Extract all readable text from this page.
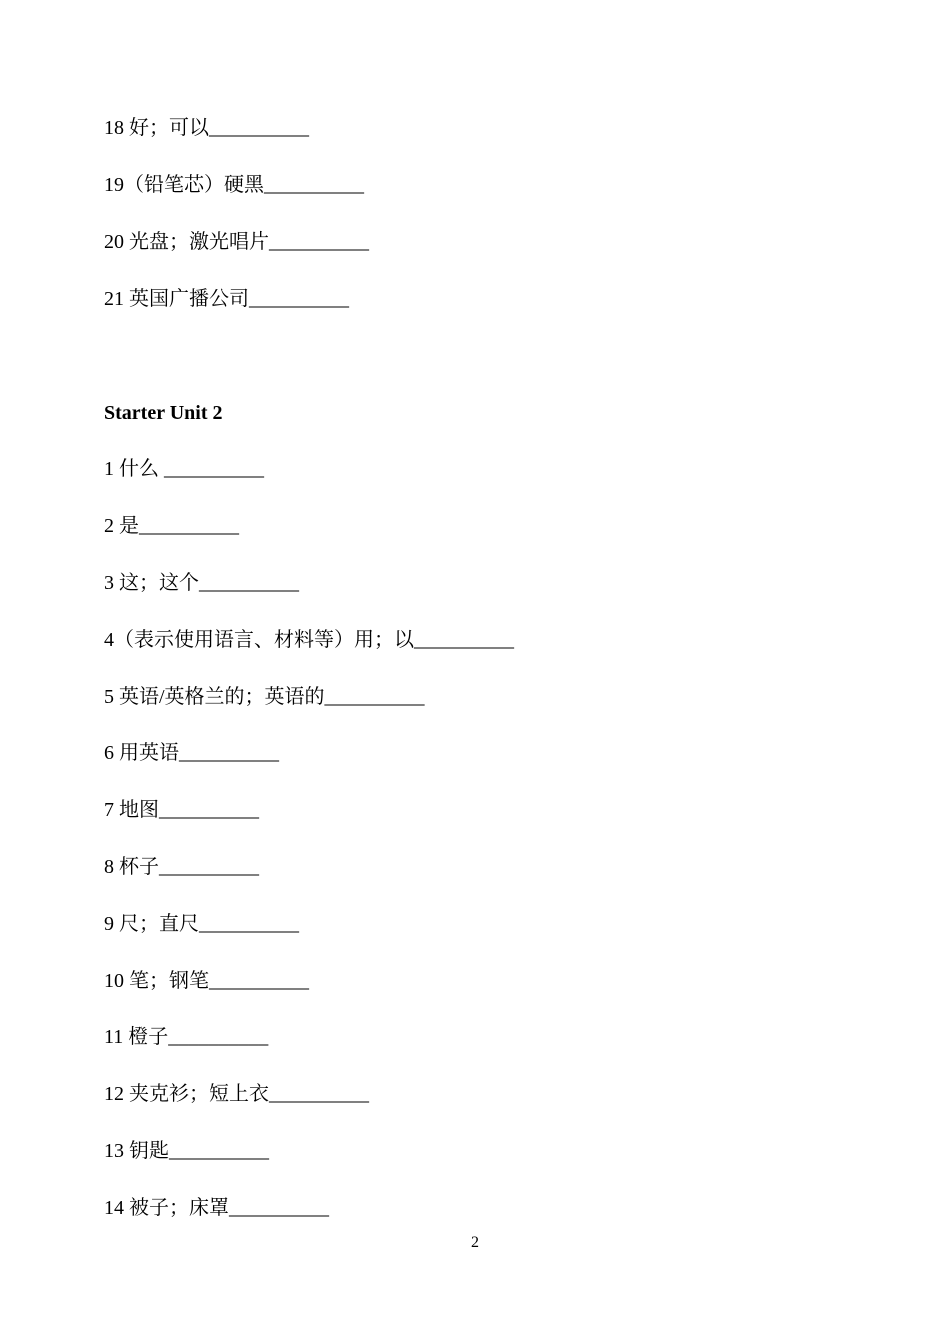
18 好；可以__________
19（铅笔芯）硬黑__________
20 光盘；激光唱片__________
21 英国广播公司__________
Starter Unit 2
1 什么 __________
2 是__________
3 这；这个__________
4（表示使用语言、材料等）用；以__________
5 英语/英格兰的；英语的__________
6 用英语__________
7 地图__________
8 杯子__________
9 尺；直尺__________
10 笔；钢笔__________
11 橙子__________
12 夹克衫；短上衣__________
13 钥匙__________
14 被子；床罩__________
2
